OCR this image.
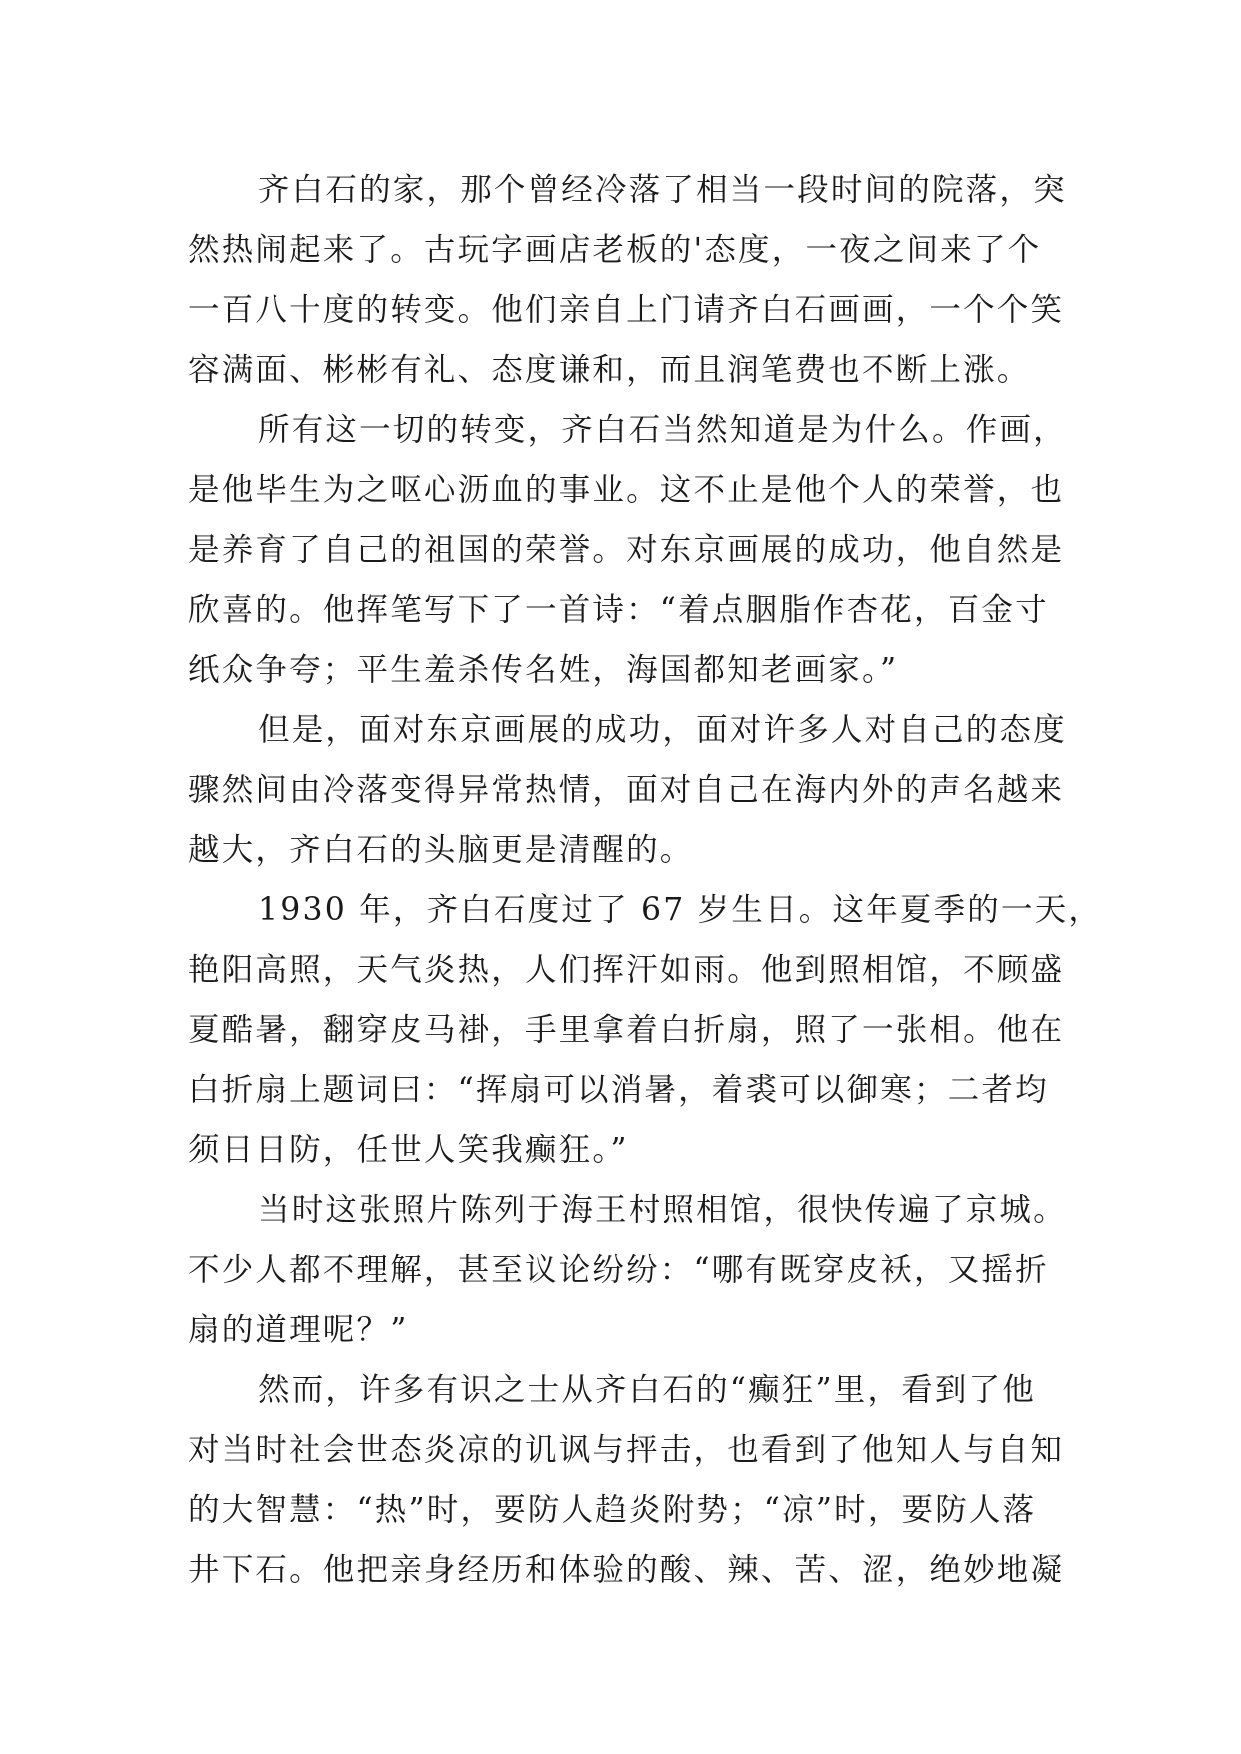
齐白石的家，那个曾经冷落了相当一段时间的院落，突
然热闹起来了。古玩字画店老板的'态度，一夜之间来了个
一百八十度的转变。他们亲自上门请齐白石画画，一个个笑
容满面、彬彬有礼、态度谦和，而且润笔费也不断上涨。
所有这一切的转变，齐白石当然知道是为什么。作画，
是他毕生为之呕心沥血的事业。这不止是他个人的荣誉，也
是养育了自己的祖国的荣誉。对东京画展的成功，他自然是
欣喜的。他挥笔写下了一首诗：“着点胭脂作杏花，百金寸
纸众争夸；平生羞杀传名姓，海国都知老画家。”
但是，面对东京画展的成功，面对许多人对自己的态度
骤然间由冷落变得异常热情，面对自己在海内外的声名越来
越大，齐白石的头脑更是清醒的。
1930 年，齐白石度过了 67 岁生日。这年夏季的一天，
艳阳高照，天气炎热，人们挥汗如雨。他到照相馆，不顾盛
夏酷暑，翻穿皮马褂，手里拿着白折扇，照了一张相。他在
白折扇上题词曰：“挥扇可以消暑，着裘可以御寒；二者均
须日日防，任世人笑我癫狂。”
当时这张照片陈列于海王村照相馆，很快传遍了京城。
不少人都不理解，甚至议论纷纷：“哪有既穿皮袄，又摇折
扇的道理呢？”
然而，许多有识之士从齐白石的“癫狂”里，看到了他
对当时社会世态炎凉的讥讽与抨击，也看到了他知人与自知
的大智慧：“热”时，要防人趋炎附势；“凉”时，要防人落
井下石。他把亲身经历和体验的酸、辣、苦、涩，绝妙地凝
